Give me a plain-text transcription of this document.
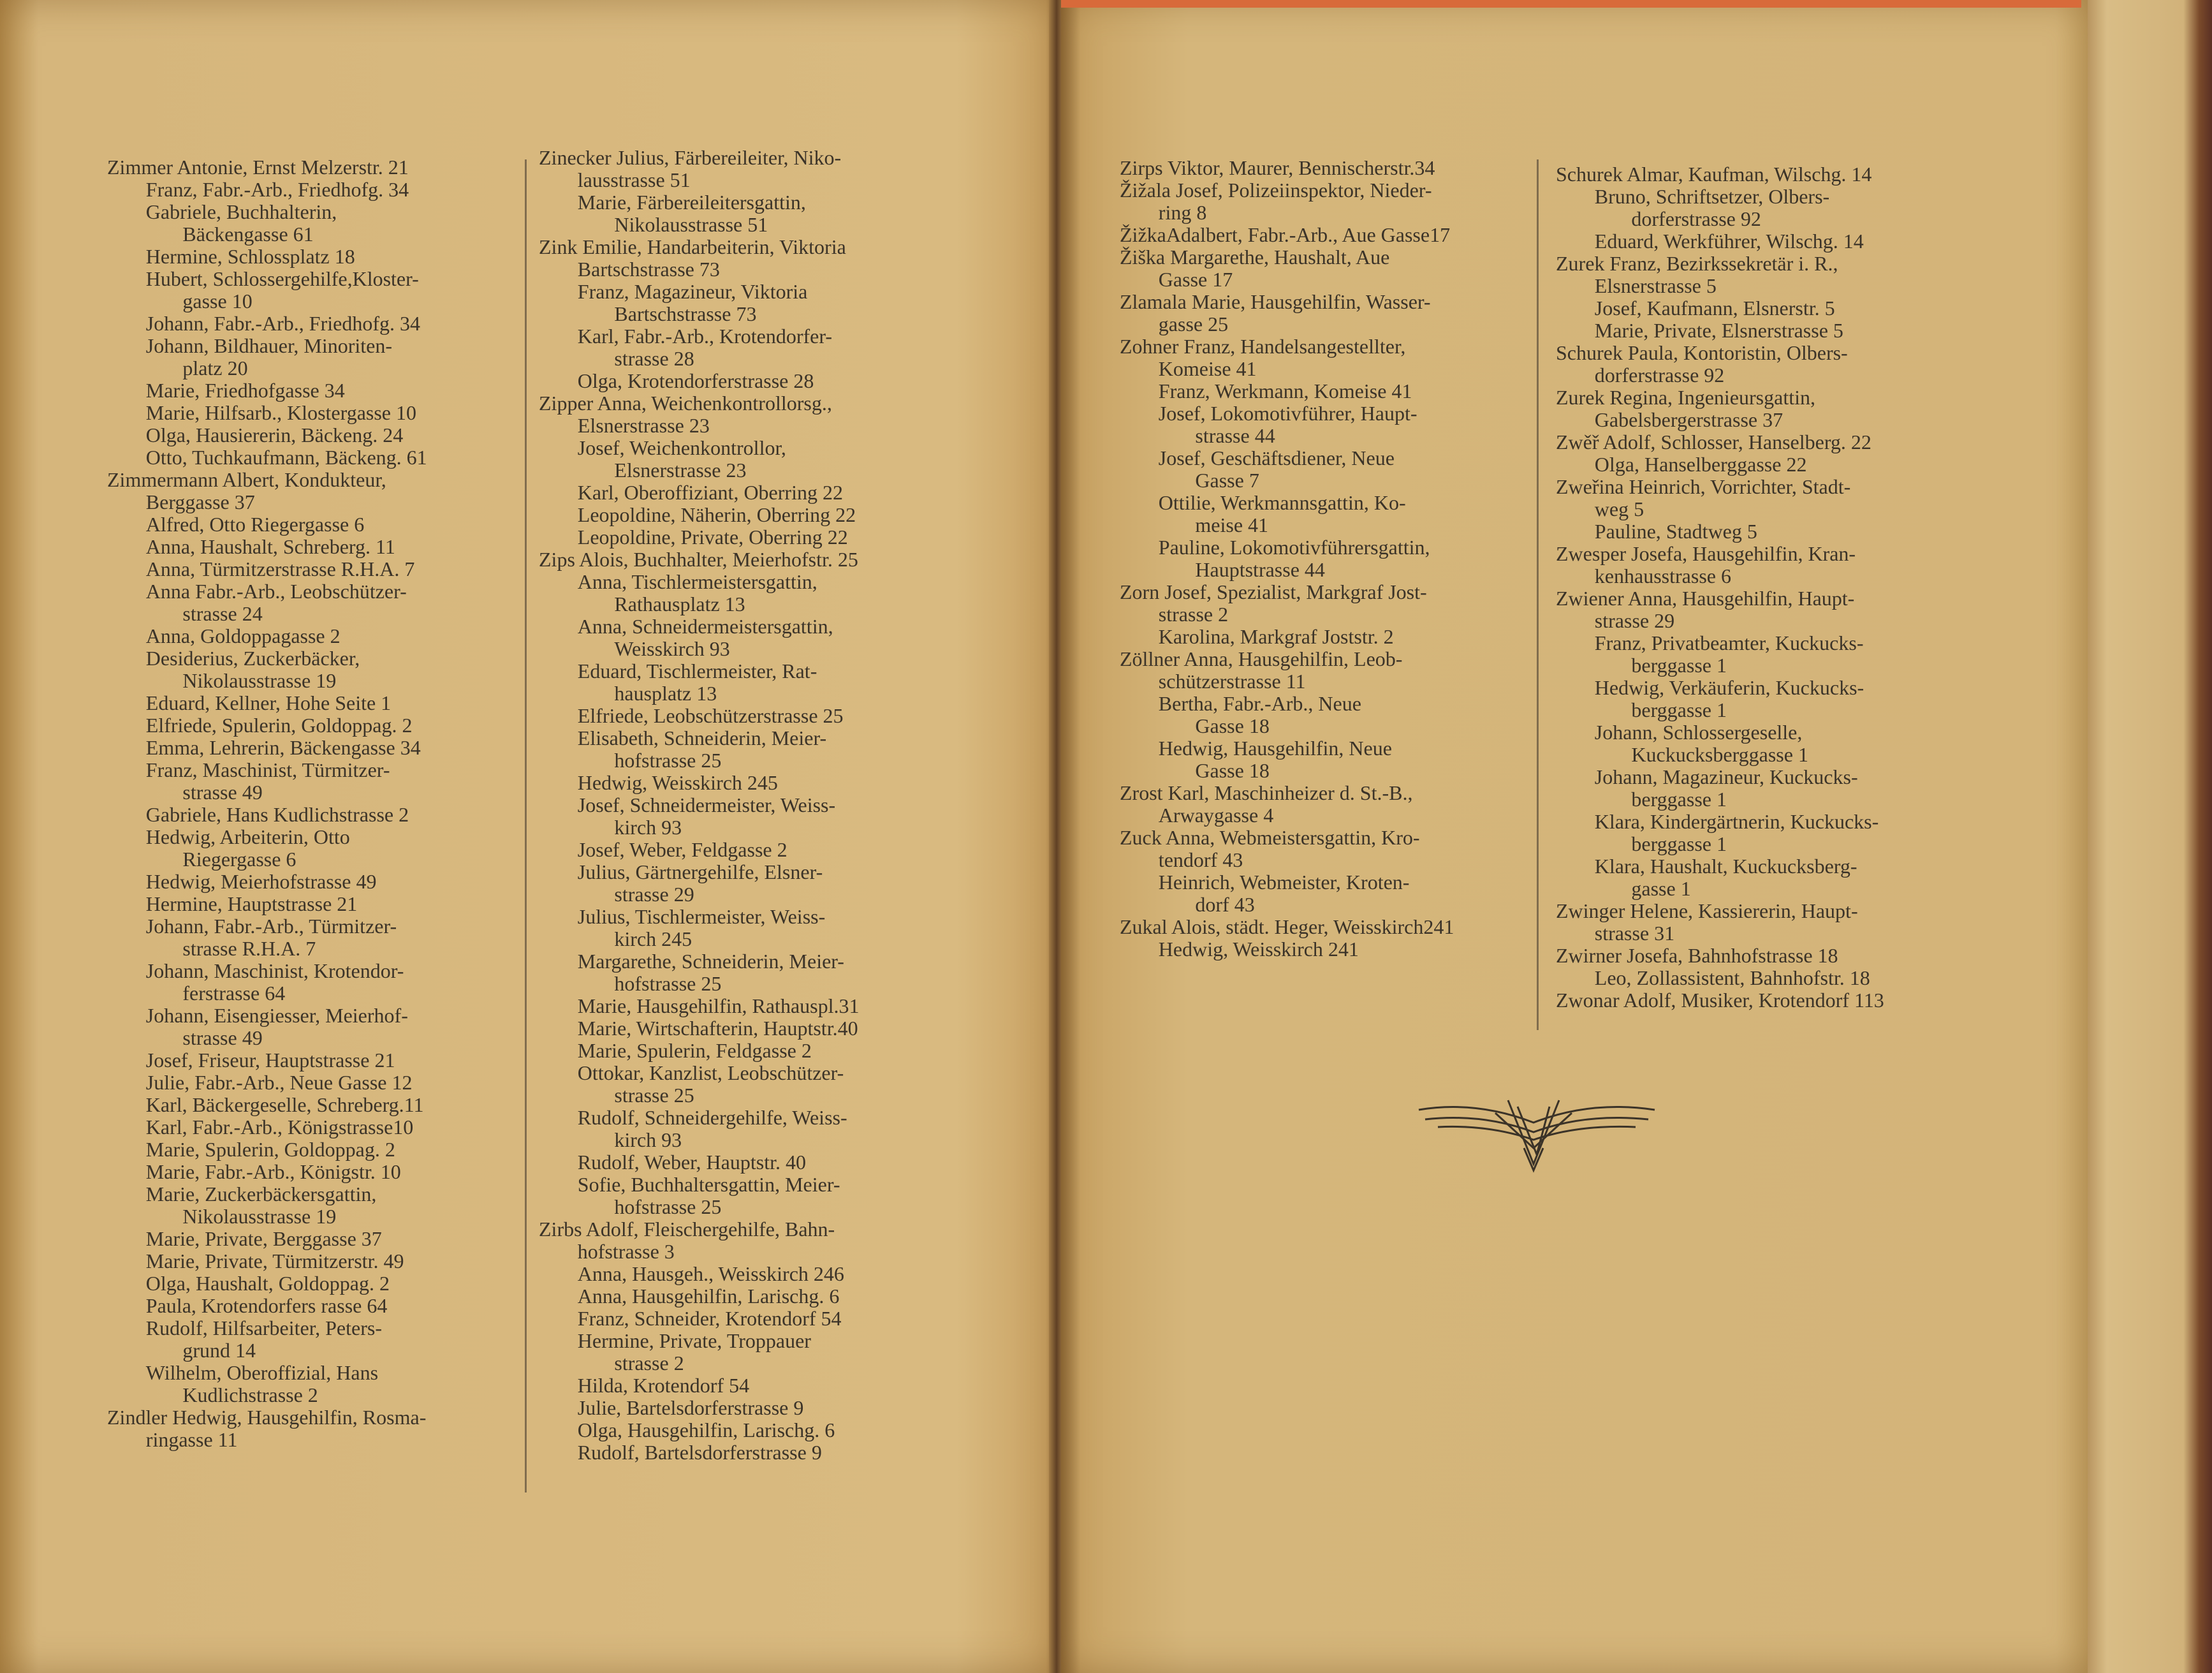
Zimmer Antonie, Ernst Melzerstr. 21
Franz, Fabr.-Arb., Friedhofg. 34
Gabriele, Buchhalterin,
Bäckengasse 61
Hermine, Schlossplatz 18
Hubert, Schlossergehilfe,Kloster-
gasse 10
Johann, Fabr.-Arb., Friedhofg. 34
Johann, Bildhauer, Minoriten-
platz 20
Marie, Friedhofgasse 34
Marie, Hilfsarb., Klostergasse 10
Olga, Hausiererin, Bäckeng. 24
Otto, Tuchkaufmann, Bäckeng. 61
Zimmermann Albert, Kondukteur,
Berggasse 37
Alfred, Otto Riegergasse 6
Anna, Haushalt, Schreberg. 11
Anna, Türmitzerstrasse R.H.A. 7
Anna Fabr.-Arb., Leobschützer-
strasse 24
Anna, Goldoppagasse 2
Desiderius, Zuckerbäcker,
Nikolausstrasse 19
Eduard, Kellner, Hohe Seite 1
Elfriede, Spulerin, Goldoppag. 2
Emma, Lehrerin, Bäckengasse 34
Franz, Maschinist, Türmitzer-
strasse 49
Gabriele, Hans Kudlichstrasse 2
Hedwig, Arbeiterin, Otto
Riegergasse 6
Hedwig, Meierhofstrasse 49
Hermine, Hauptstrasse 21
Johann, Fabr.-Arb., Türmitzer-
strasse R.H.A. 7
Johann, Maschinist, Krotendor-
ferstrasse 64
Johann, Eisengiesser, Meierhof-
strasse 49
Josef, Friseur, Hauptstrasse 21
Julie, Fabr.-Arb., Neue Gasse 12
Karl, Bäckergeselle, Schreberg.11
Karl, Fabr.-Arb., Königstrasse10
Marie, Spulerin, Goldoppag. 2
Marie, Fabr.-Arb., Königstr. 10
Marie, Zuckerbäckersgattin,
Nikolausstrasse 19
Marie, Private, Berggasse 37
Marie, Private, Türmitzerstr. 49
Olga, Haushalt, Goldoppag. 2
Paula, Krotendorfers rasse 64
Rudolf, Hilfsarbeiter, Peters-
grund 14
Wilhelm, Oberoffizial, Hans
Kudlichstrasse 2
Zindler Hedwig, Hausgehilfin, Rosma-
ringasse 11
Zinecker Julius, Färbereileiter, Niko-
lausstrasse 51
Marie, Färbereileitersgattin,
Nikolausstrasse 51
Zink Emilie, Handarbeiterin, Viktoria
Bartschstrasse 73
Franz, Magazineur, Viktoria
Bartschstrasse 73
Karl, Fabr.-Arb., Krotendorfer-
strasse 28
Olga, Krotendorferstrasse 28
Zipper Anna, Weichenkontrollorsg.,
Elsnerstrasse 23
Josef, Weichenkontrollor,
Elsnerstrasse 23
Karl, Oberoffiziant, Oberring 22
Leopoldine, Näherin, Oberring 22
Leopoldine, Private, Oberring 22
Zips Alois, Buchhalter, Meierhofstr. 25
Anna, Tischlermeistersgattin,
Rathausplatz 13
Anna, Schneidermeistersgattin,
Weisskirch 93
Eduard, Tischlermeister, Rat-
hausplatz 13
Elfriede, Leobschützerstrasse 25
Elisabeth, Schneiderin, Meier-
hofstrasse 25
Hedwig, Weisskirch 245
Josef, Schneidermeister, Weiss-
kirch 93
Josef, Weber, Feldgasse 2
Julius, Gärtnergehilfe, Elsner-
strasse 29
Julius, Tischlermeister, Weiss-
kirch 245
Margarethe, Schneiderin, Meier-
hofstrasse 25
Marie, Hausgehilfin, Rathauspl.31
Marie, Wirtschafterin, Hauptstr.40
Marie, Spulerin, Feldgasse 2
Ottokar, Kanzlist, Leobschützer-
strasse 25
Rudolf, Schneidergehilfe, Weiss-
kirch 93
Rudolf, Weber, Hauptstr. 40
Sofie, Buchhaltersgattin, Meier-
hofstrasse 25
Zirbs Adolf, Fleischergehilfe, Bahn-
hofstrasse 3
Anna, Hausgeh., Weisskirch 246
Anna, Hausgehilfin, Larischg. 6
Franz, Schneider, Krotendorf 54
Hermine, Private, Troppauer
strasse 2
Hilda, Krotendorf 54
Julie, Bartelsdorferstrasse 9
Olga, Hausgehilfin, Larischg. 6
Rudolf, Bartelsdorferstrasse 9
Zirps Viktor, Maurer, Bennischerstr.34
Žižala Josef, Polizeiinspektor, Nieder-
ring 8
ŽižkaAdalbert, Fabr.-Arb., Aue Gasse17
Žiška Margarethe, Haushalt, Aue
Gasse 17
Zlamala Marie, Hausgehilfin, Wasser-
gasse 25
Zohner Franz, Handelsangestellter,
Komeise 41
Franz, Werkmann, Komeise 41
Josef, Lokomotivführer, Haupt-
strasse 44
Josef, Geschäftsdiener, Neue
Gasse 7
Ottilie, Werkmannsgattin, Ko-
meise 41
Pauline, Lokomotivführersgattin,
Hauptstrasse 44
Zorn Josef, Spezialist, Markgraf Jost-
strasse 2
Karolina, Markgraf Joststr. 2
Zöllner Anna, Hausgehilfin, Leob-
schützerstrasse 11
Bertha, Fabr.-Arb., Neue
Gasse 18
Hedwig, Hausgehilfin, Neue
Gasse 18
Zrost Karl, Maschinheizer d. St.-B.,
Arwaygasse 4
Zuck Anna, Webmeistersgattin, Kro-
tendorf 43
Heinrich, Webmeister, Kroten-
dorf 43
Zukal Alois, städt. Heger, Weisskirch241
Hedwig, Weisskirch 241
Schurek Almar, Kaufman, Wilschg. 14
Bruno, Schriftsetzer, Olbers-
dorferstrasse 92
Eduard, Werkführer, Wilschg. 14
Zurek Franz, Bezirkssekretär i. R.,
Elsnerstrasse 5
Josef, Kaufmann, Elsnerstr. 5
Marie, Private, Elsnerstrasse 5
Schurek Paula, Kontoristin, Olbers-
dorferstrasse 92
Zurek Regina, Ingenieursgattin,
Gabelsbergerstrasse 37
Zwěř Adolf, Schlosser, Hanselberg. 22
Olga, Hanselberggasse 22
Zweřina Heinrich, Vorrichter, Stadt-
weg 5
Pauline, Stadtweg 5
Zwesper Josefa, Hausgehilfin, Kran-
kenhausstrasse 6
Zwiener Anna, Hausgehilfin, Haupt-
strasse 29
Franz, Privatbeamter, Kuckucks-
berggasse 1
Hedwig, Verkäuferin, Kuckucks-
berggasse 1
Johann, Schlossergeselle,
Kuckucksberggasse 1
Johann, Magazineur, Kuckucks-
berggasse 1
Klara, Kindergärtnerin, Kuckucks-
berggasse 1
Klara, Haushalt, Kuckucksberg-
gasse 1
Zwinger Helene, Kassiererin, Haupt-
strasse 31
Zwirner Josefa, Bahnhofstrasse 18
Leo, Zollassistent, Bahnhofstr. 18
Zwonar Adolf, Musiker, Krotendorf 113
